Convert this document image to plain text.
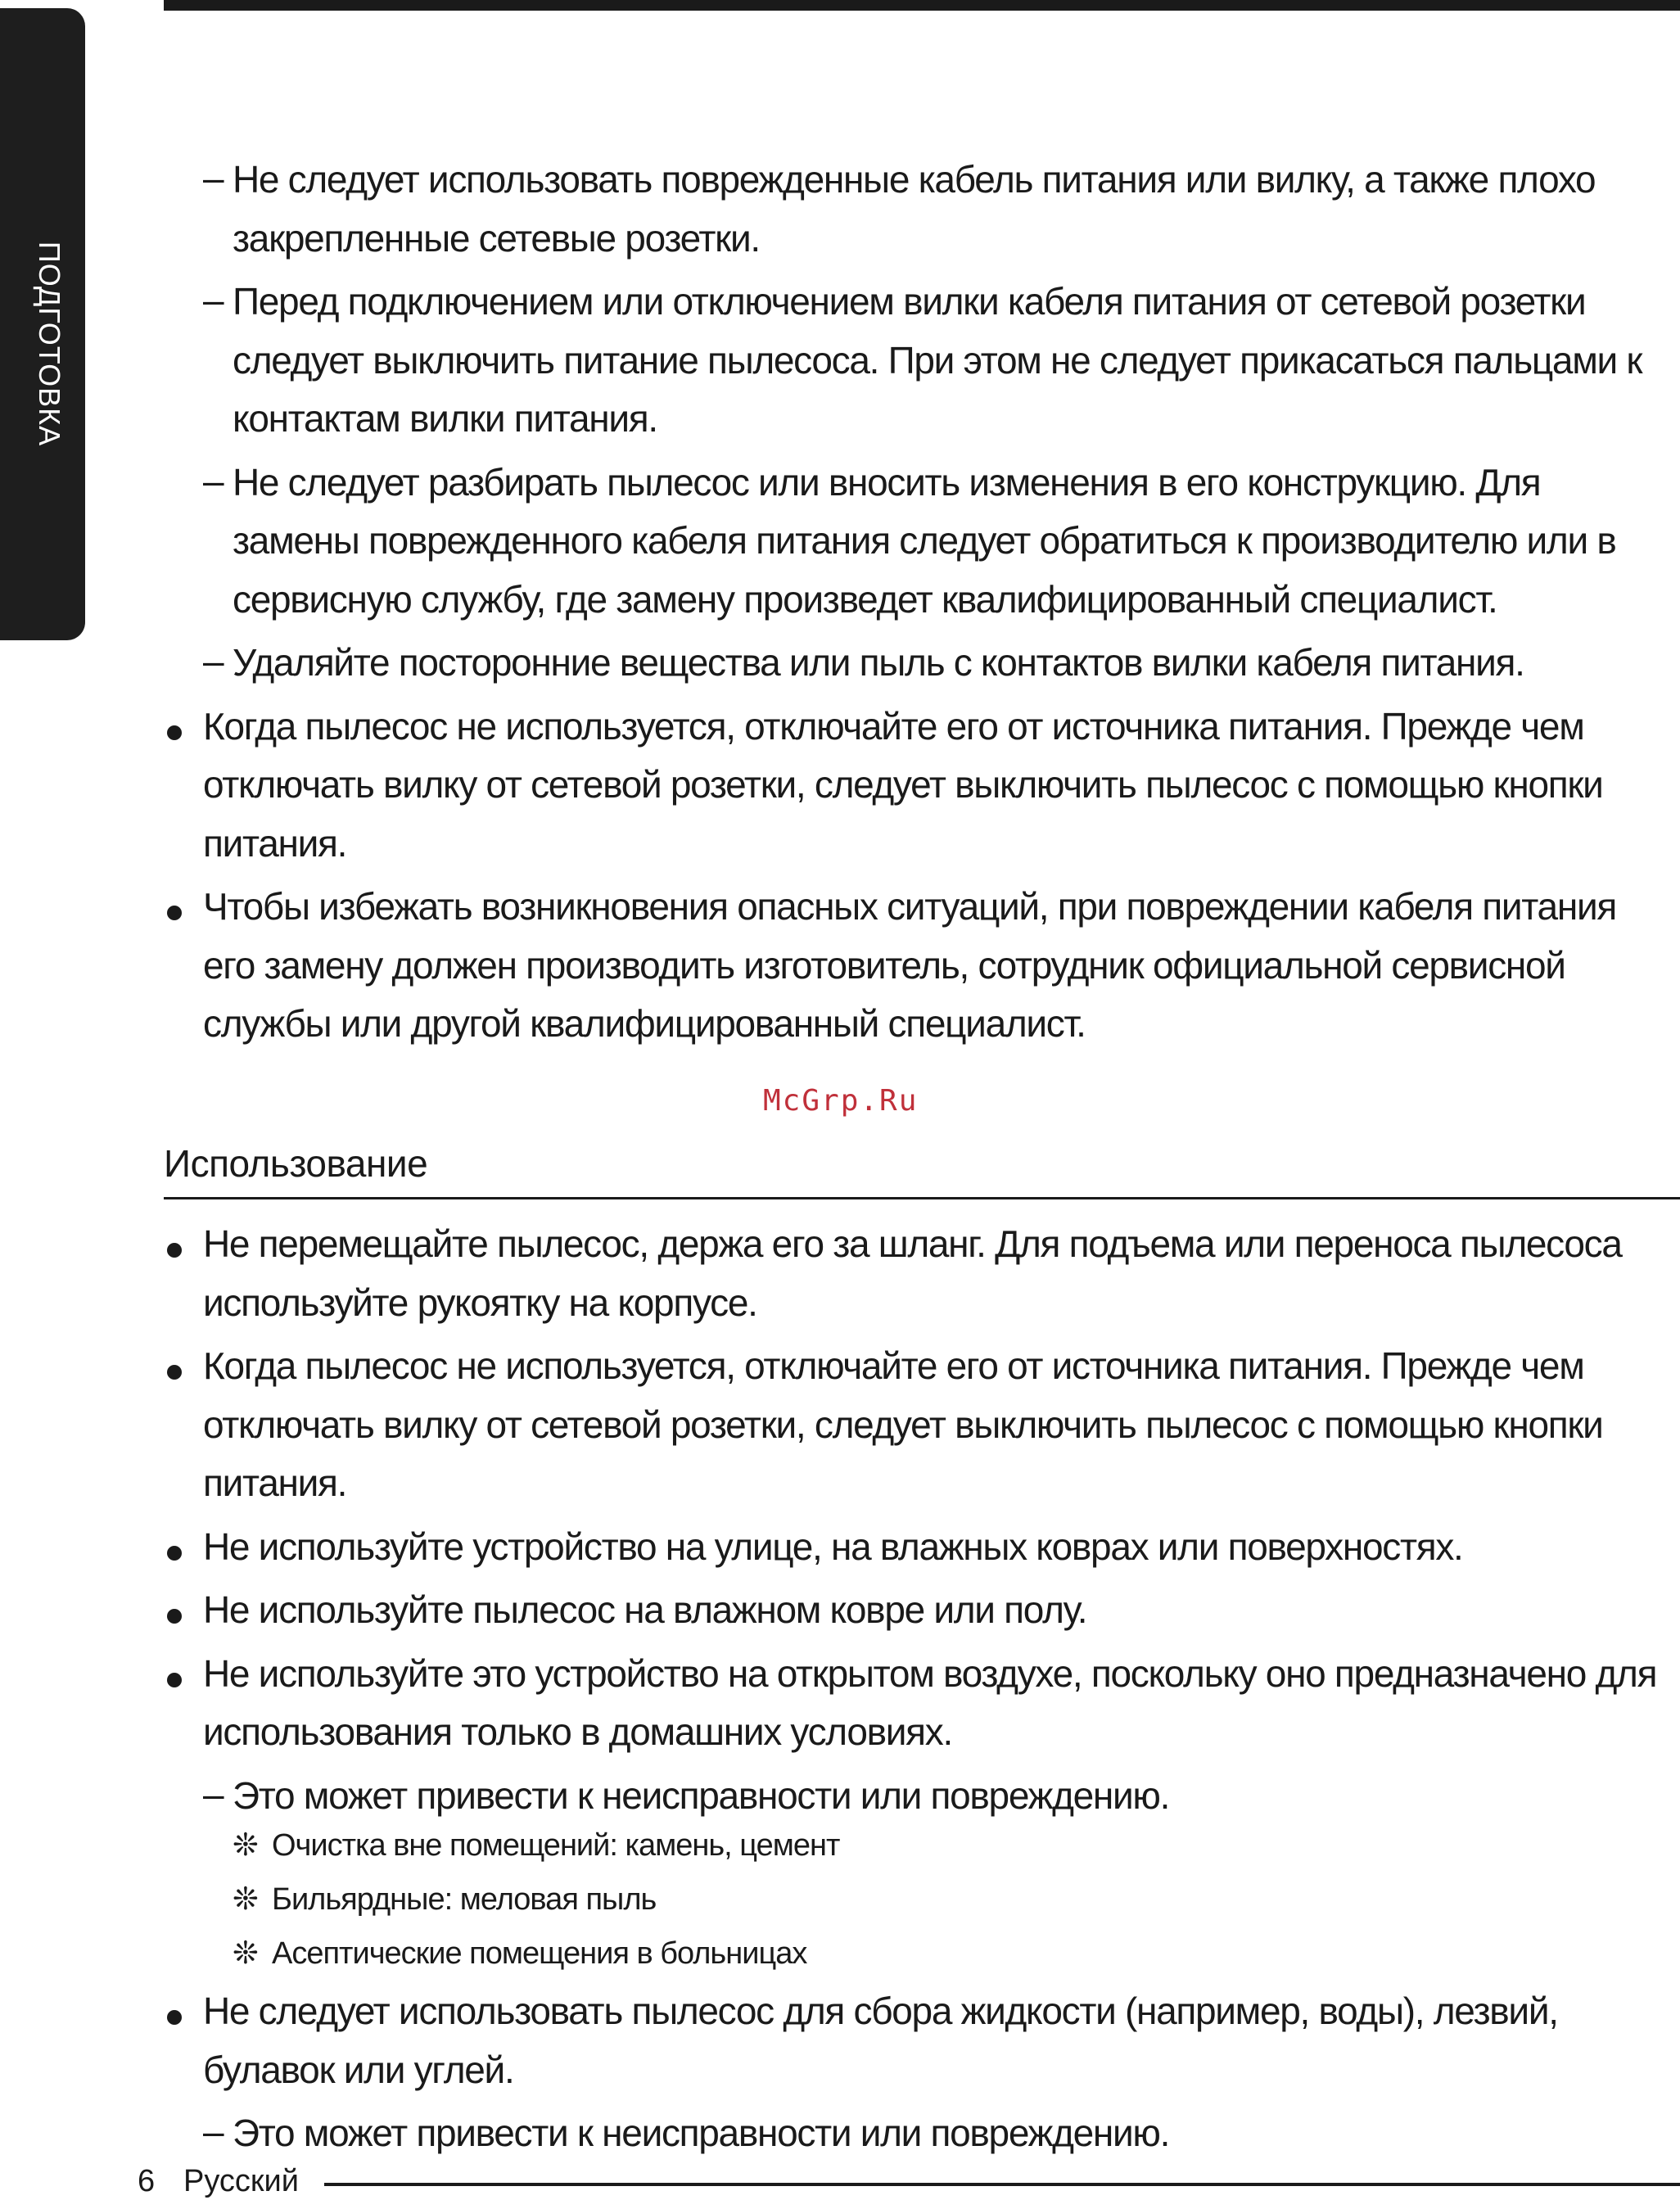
ПОДГОТОВКА
– Не следует использовать поврежденные кабель питания или вилку, а также плохо
закрепленные сетевые розетки.
– Перед подключением или отключением вилки кабеля питания от сетевой розетки
следует выключить питание пылесоса. При этом не следует прикасаться пальцами к
контактам вилки питания.
– Не следует разбирать пылесос или вносить изменения в его конструкцию. Для
замены поврежденного кабеля питания следует обратиться к производителю или в
сервисную службу, где замену произведет квалифицированный специалист.
– Удаляйте посторонние вещества или пыль с контактов вилки кабеля питания.
Когда пылесос не используется, отключайте его от источника питания. Прежде чем
отключать вилку от сетевой розетки, следует выключить пылесос с помощью кнопки
питания.
Чтобы избежать возникновения опасных ситуаций, при повреждении кабеля питания
его замену должен производить изготовитель, сотрудник официальной сервисной
службы или другой квалифицированный специалист.
Не перемещайте пылесос, держа его за шланг. Для подъема или переноса пылесоса
используйте рукоятку на корпусе.
Когда пылесос не используется, отключайте его от источника питания. Прежде чем
отключать вилку от сетевой розетки, следует выключить пылесос с помощью кнопки
питания.
Не используйте устройство на улице, на влажных коврах или поверхностях.
Не используйте пылесос на влажном ковре или полу.
Не используйте это устройство на открытом воздухе, поскольку оно предназначено для
использования только в домашних условиях.
– Это может привести к неисправности или повреждению.
❊ Очистка вне помещений: камень, цемент
❊ Бильярдные: меловая пыль
❊ Асептические помещения в больницах
Не следует использовать пылесос для сбора жидкости (например, воды), лезвий,
булавок или углей.
– Это может привести к неисправности или повреждению.
McGrp.Ru
Использование
6 Русский
